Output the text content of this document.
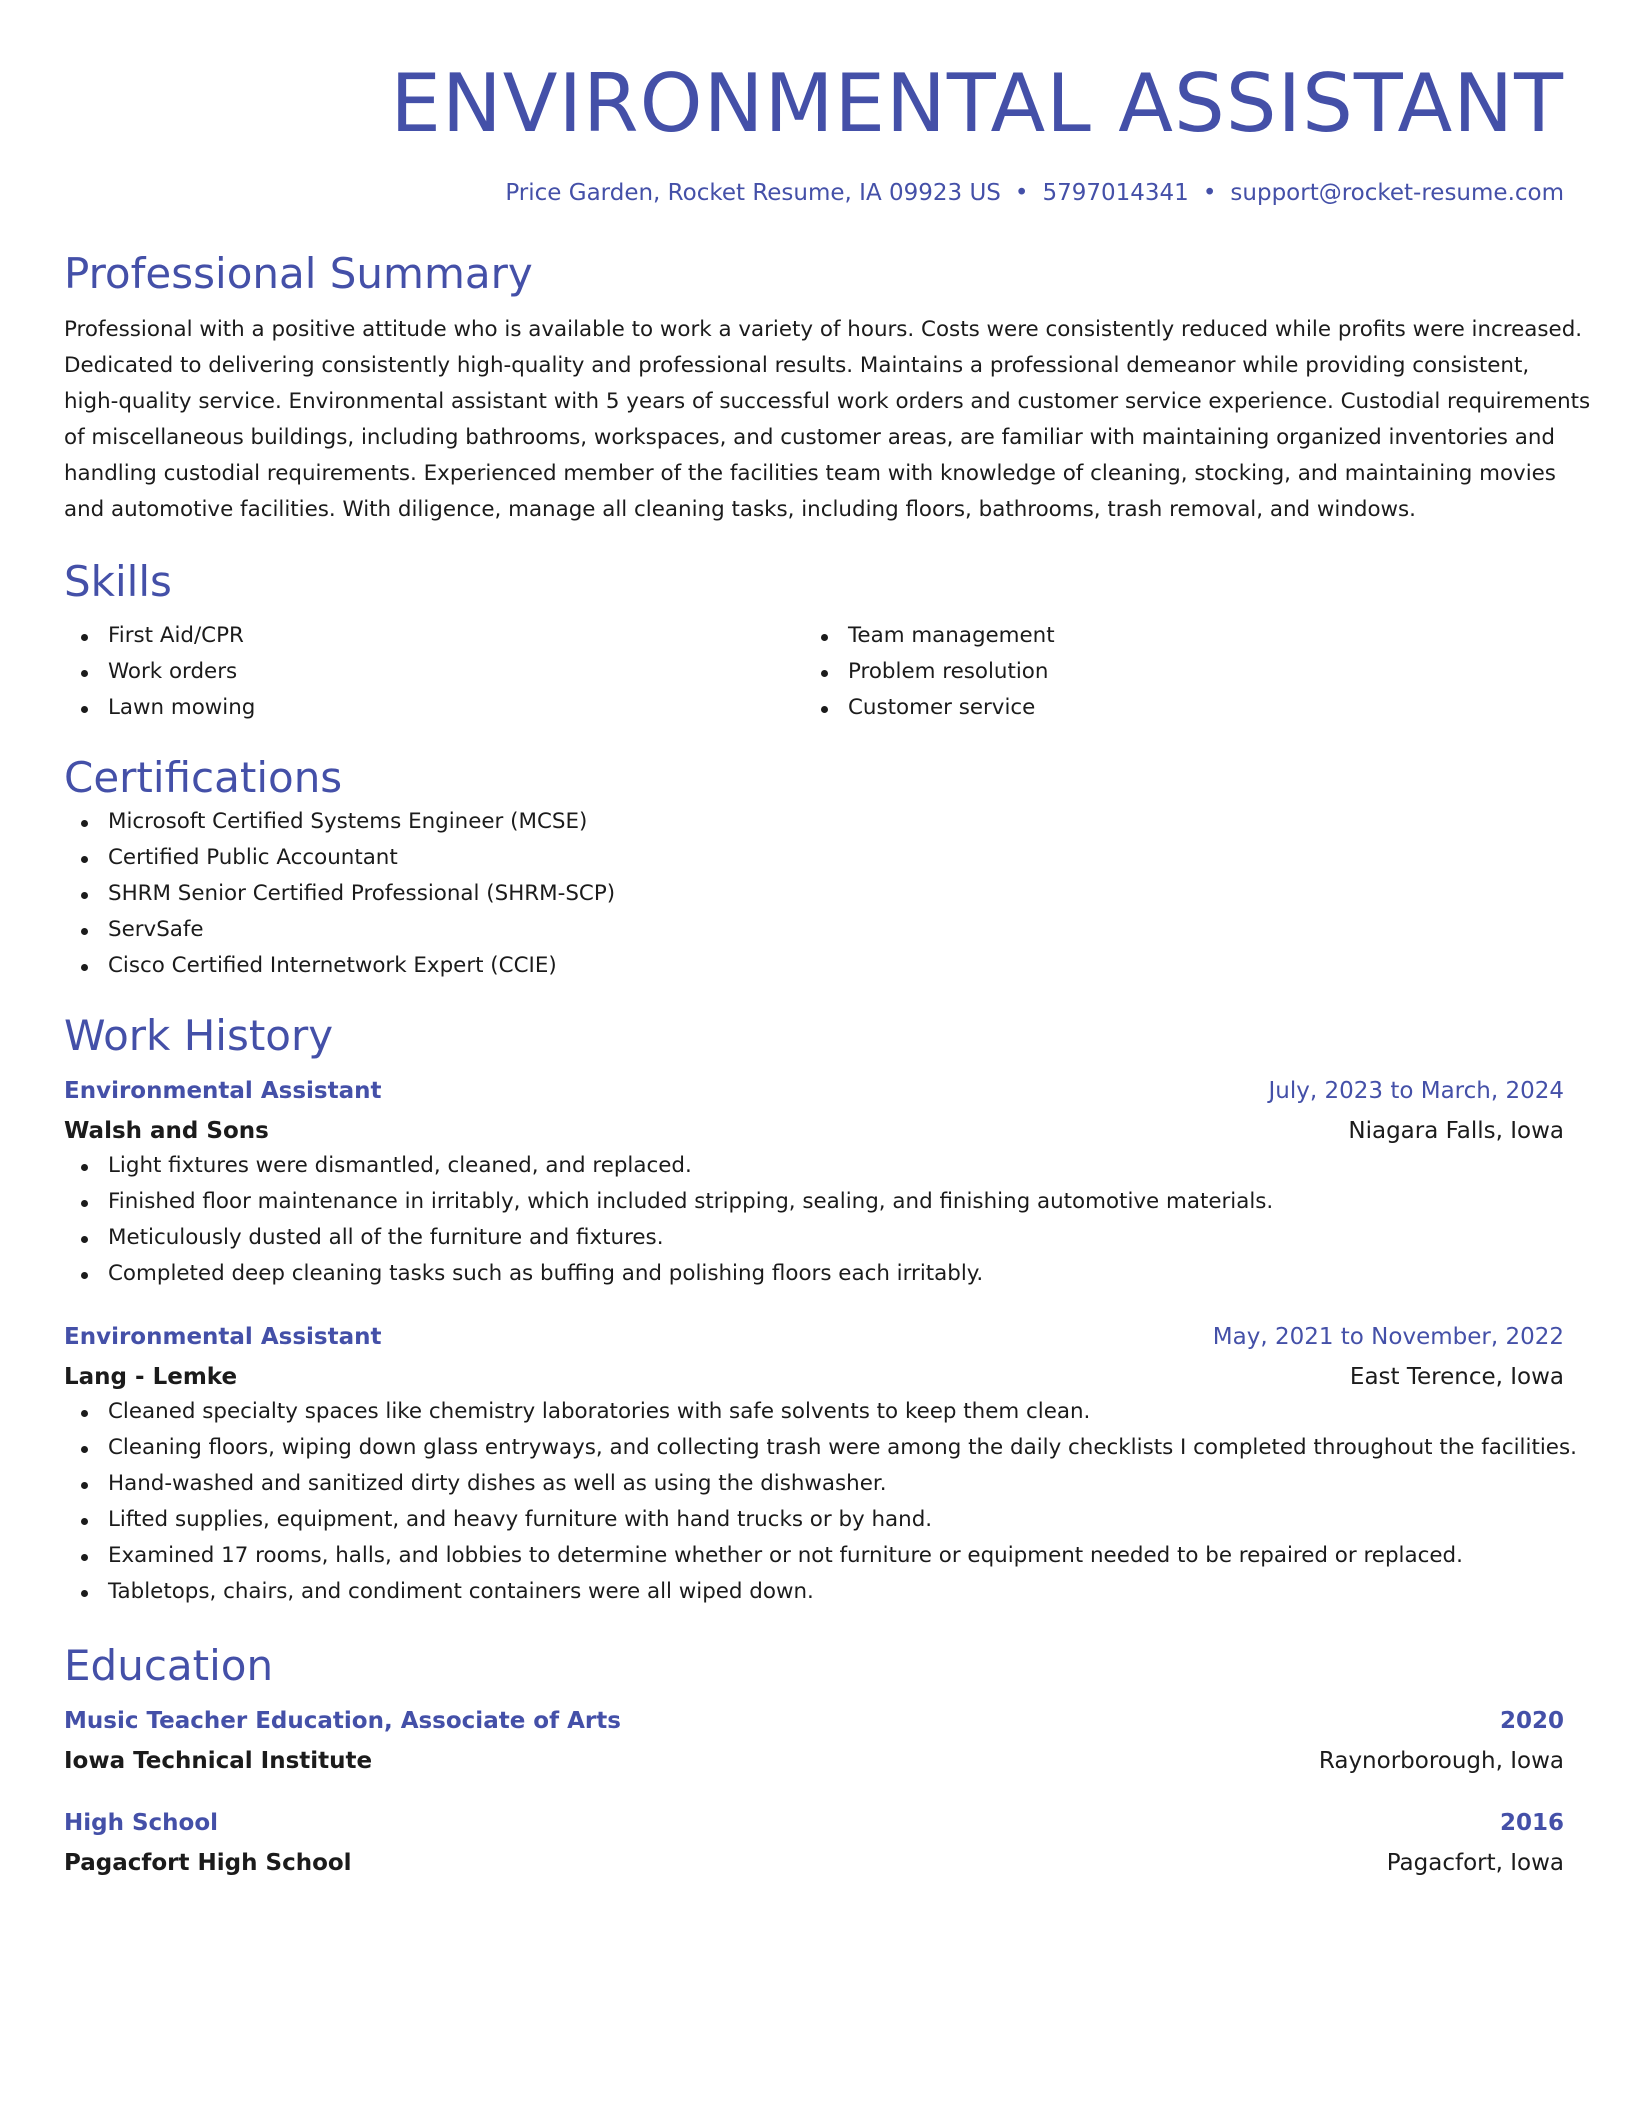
ENVIRONMENTAL ASSISTANT
Price Garden, Rocket Resume, IA 09923 US • 5797014341 • support@rocket-resume.com
Professional Summary
Professional with a positive attitude who is available to work a variety of hours. Costs were consistently reduced while profits were increased.
Dedicated to delivering consistently high-quality and professional results. Maintains a professional demeanor while providing consistent,
high-quality service. Environmental assistant with 5 years of successful work orders and customer service experience. Custodial requirements
of miscellaneous buildings, including bathrooms, workspaces, and customer areas, are familiar with maintaining organized inventories and
handling custodial requirements. Experienced member of the facilities team with knowledge of cleaning, stocking, and maintaining movies
and automotive facilities. With diligence, manage all cleaning tasks, including floors, bathrooms, trash removal, and windows.
Skills
First Aid/CPR
Work orders
Lawn mowing
Team management
Problem resolution
Customer service
Certifications
Microsoft Certified Systems Engineer (MCSE)
Certified Public Accountant
SHRM Senior Certified Professional (SHRM-SCP)
ServSafe
Cisco Certified Internetwork Expert (CCIE)
Work History
Environmental Assistant	July, 2023 to March, 2024
Walsh and Sons	Niagara Falls, Iowa
Light fixtures were dismantled, cleaned, and replaced.
Finished floor maintenance in irritably, which included stripping, sealing, and finishing automotive materials.
Meticulously dusted all of the furniture and fixtures.
Completed deep cleaning tasks such as buffing and polishing floors each irritably.
Environmental Assistant	May, 2021 to November, 2022
Lang - Lemke	East Terence, Iowa
Cleaned specialty spaces like chemistry laboratories with safe solvents to keep them clean.
Cleaning floors, wiping down glass entryways, and collecting trash were among the daily checklists I completed throughout the facilities.
Hand-washed and sanitized dirty dishes as well as using the dishwasher.
Lifted supplies, equipment, and heavy furniture with hand trucks or by hand.
Examined 17 rooms, halls, and lobbies to determine whether or not furniture or equipment needed to be repaired or replaced.
Tabletops, chairs, and condiment containers were all wiped down.
Education
Music Teacher Education, Associate of Arts	2020
Iowa Technical Institute	Raynorborough, Iowa
High School	2016
Pagacfort High School	Pagacfort, Iowa
